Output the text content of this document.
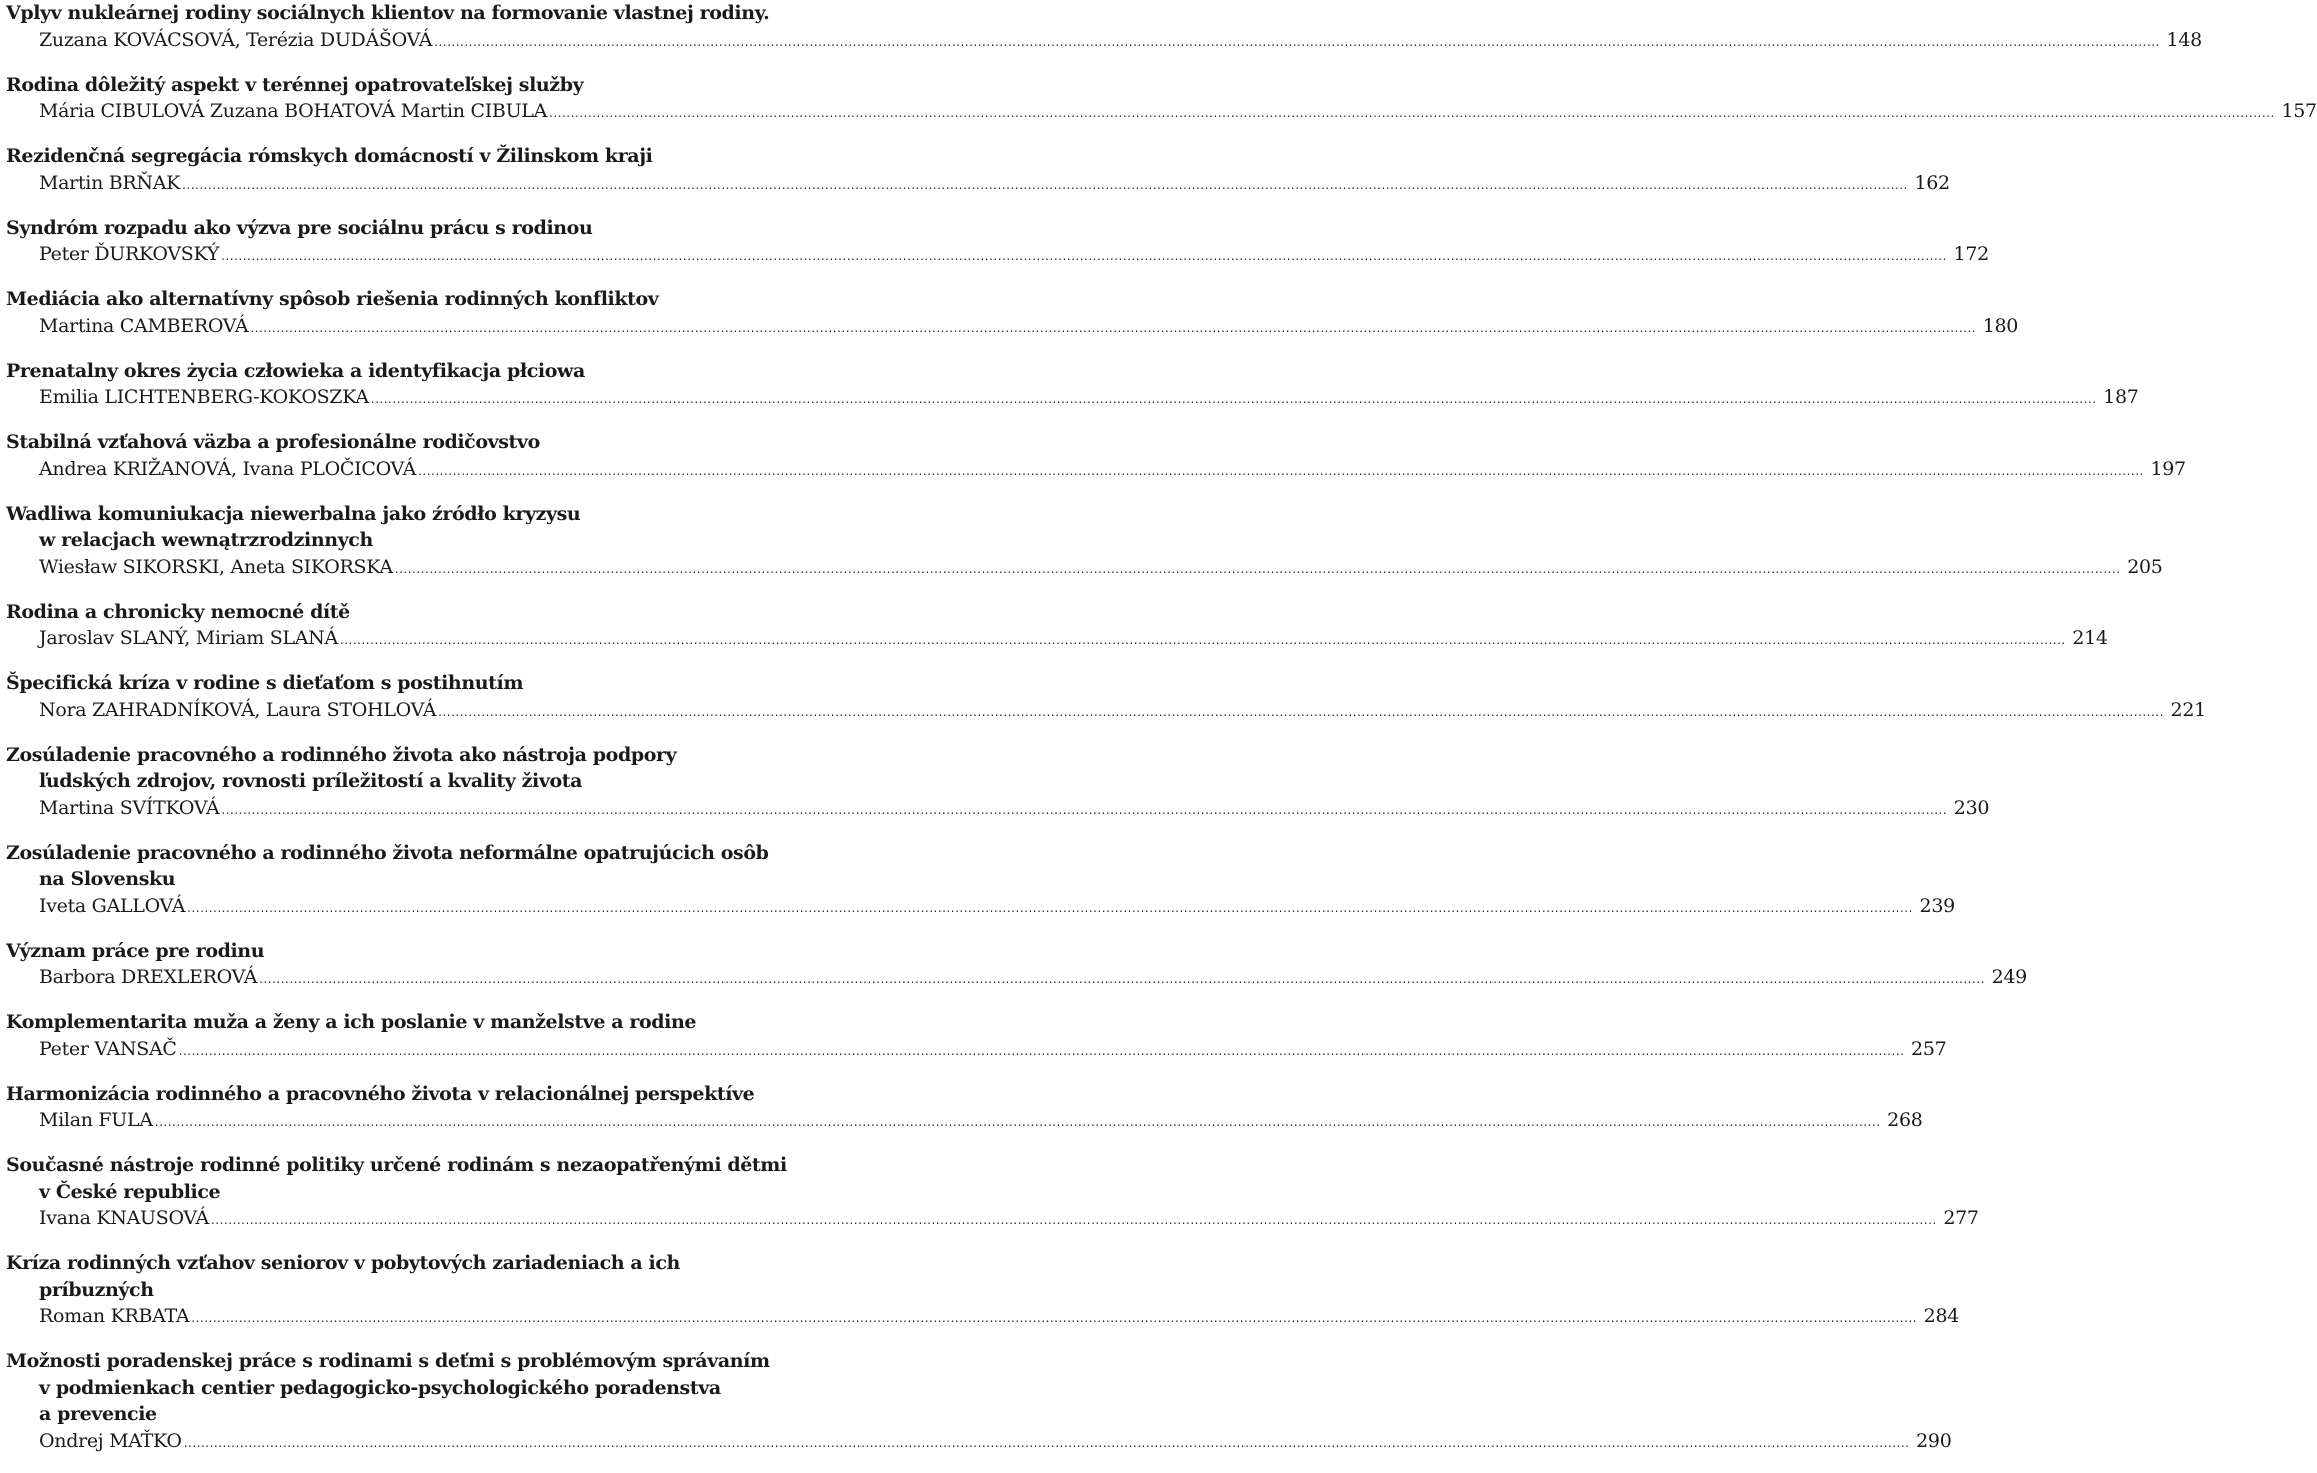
Vplyv nukleárnej rodiny sociálnych klientov na formovanie vlastnej rodiny.
Zuzana KOVÁCSOVÁ, Terézia DUDÁŠOVÁ ................................................................................................................................................................................................................................................................................................................................................................................................................ 148
Rodina dôležitý aspekt v terénnej opatrovateľskej služby
Mária CIBULOVÁ Zuzana BOHATOVÁ Martin CIBULA ................................................................................................................................................................................................................................................................................................................................................................................................................ 157
Rezidenčná segregácia rómskych domácností v Žilinskom kraji
Martin BRŇAK ................................................................................................................................................................................................................................................................................................................................................................................................................ 162
Syndróm rozpadu ako výzva pre sociálnu prácu s rodinou
Peter ĎURKOVSKÝ ................................................................................................................................................................................................................................................................................................................................................................................................................ 172
Mediácia ako alternatívny spôsob riešenia rodinných konfliktov
Martina CAMBEROVÁ ................................................................................................................................................................................................................................................................................................................................................................................................................ 180
Prenatalny okres życia człowieka a identyfikacja płciowa
Emilia LICHTENBERG-KOKOSZKA ................................................................................................................................................................................................................................................................................................................................................................................................................ 187
Stabilná vzťahová väzba a profesionálne rodičovstvo
Andrea KRIŽANOVÁ, Ivana PLOČICOVÁ ................................................................................................................................................................................................................................................................................................................................................................................................................ 197
Wadliwa komuniukacja niewerbalna jako źródło kryzysu
w relacjach wewnątrzrodzinnych
Wiesław SIKORSKI, Aneta SIKORSKA ................................................................................................................................................................................................................................................................................................................................................................................................................ 205
Rodina a chronicky nemocné dítě
Jaroslav SLANÝ, Miriam SLANÁ ................................................................................................................................................................................................................................................................................................................................................................................................................ 214
Špecifická kríza v rodine s dieťaťom s postihnutím
Nora ZAHRADNÍKOVÁ, Laura STOHLOVÁ ................................................................................................................................................................................................................................................................................................................................................................................................................ 221
Zosúladenie pracovného a rodinného života ako nástroja podpory
ľudských zdrojov, rovnosti príležitostí a kvality života
Martina SVÍTKOVÁ ................................................................................................................................................................................................................................................................................................................................................................................................................ 230
Zosúladenie pracovného a rodinného života neformálne opatrujúcich osôb
na Slovensku
Iveta GALLOVÁ ................................................................................................................................................................................................................................................................................................................................................................................................................ 239
Význam práce pre rodinu
Barbora DREXLEROVÁ ................................................................................................................................................................................................................................................................................................................................................................................................................ 249
Komplementarita muža a ženy a ich poslanie v manželstve a rodine
Peter VANSAČ ................................................................................................................................................................................................................................................................................................................................................................................................................ 257
Harmonizácia rodinného a pracovného života v relacionálnej perspektíve
Milan FULA ................................................................................................................................................................................................................................................................................................................................................................................................................ 268
Současné nástroje rodinné politiky určené rodinám s nezaopatřenými dětmi
v České republice
Ivana KNAUSOVÁ ................................................................................................................................................................................................................................................................................................................................................................................................................ 277
Kríza rodinných vzťahov seniorov v pobytových zariadeniach a ich
príbuzných
Roman KRBATA ................................................................................................................................................................................................................................................................................................................................................................................................................ 284
Možnosti poradenskej práce s rodinami s deťmi s problémovým správaním
v podmienkach centier pedagogicko-psychologického poradenstva
a prevencie
Ondrej MAŤKO ................................................................................................................................................................................................................................................................................................................................................................................................................ 290
